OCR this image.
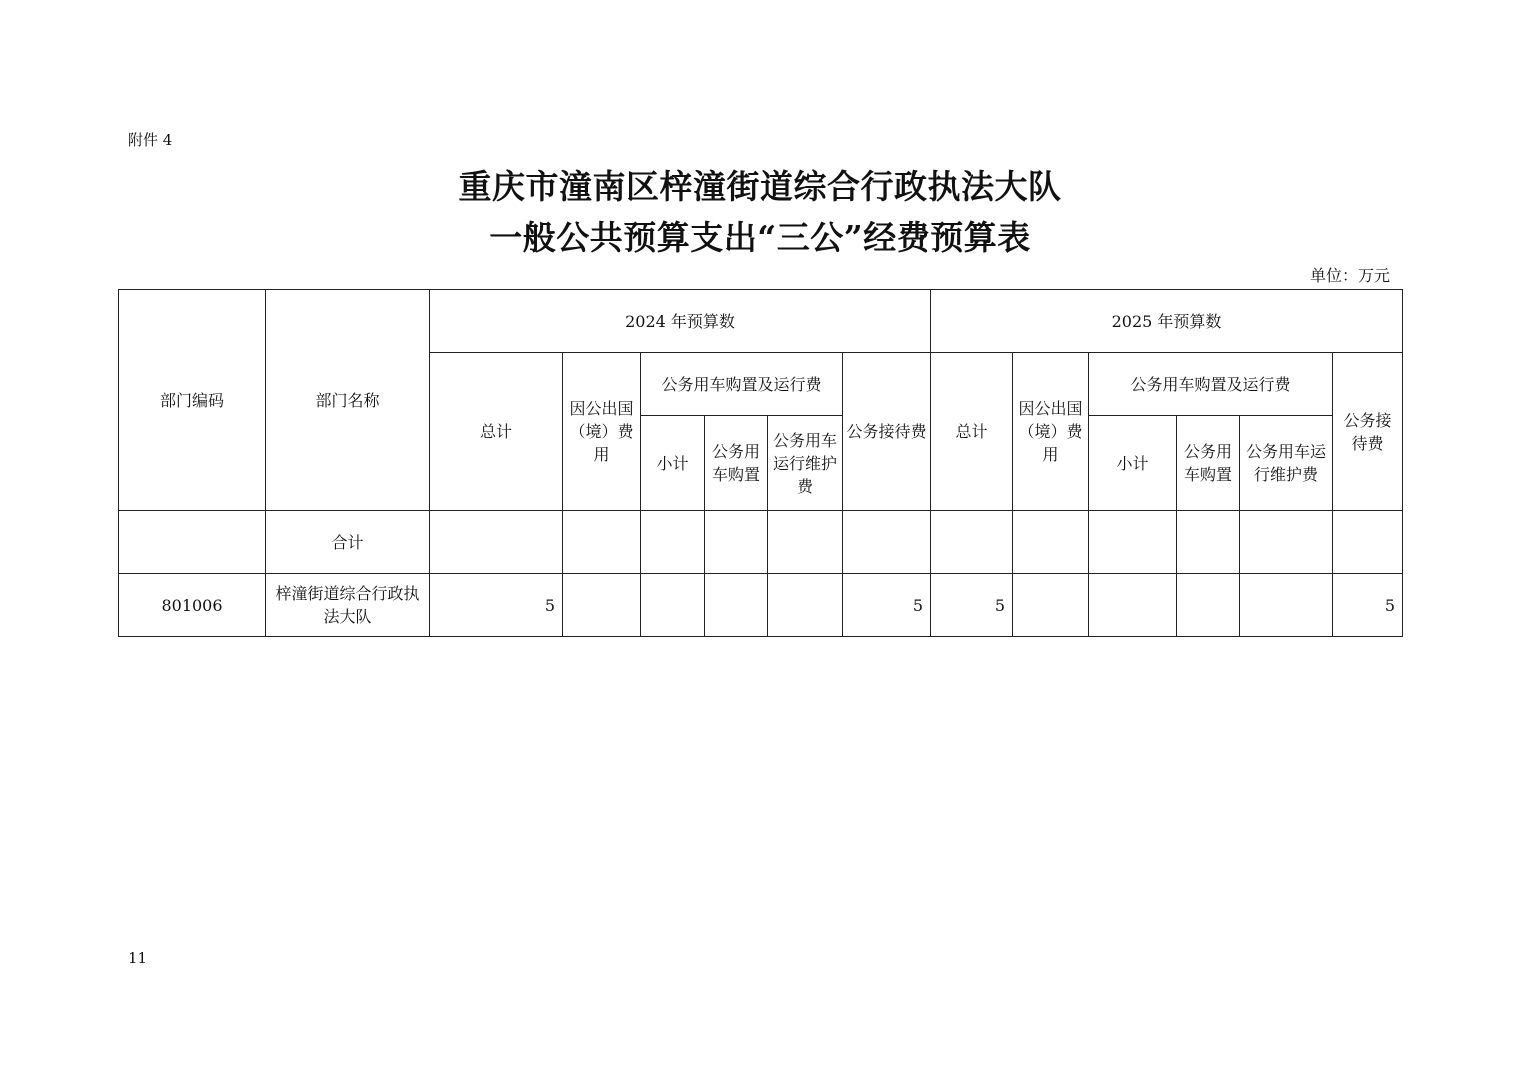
附件 4
重庆市潼南区梓潼街道综合行政执法大队
一般公共预算支出“三公”经费预算表
单位：万元
部门编码	部门名称	2024 年预算数						2025 年预算数					
		总计	因公出国（境）费用	公务用车购置及运行费			公务接待费	总计	因公出国（境）费用	公务用车购置及运行费			公务接待费
				小计	公务用车购置	公务用车运行维护费				小计	公务用车购置	公务用车运行维护费	
	合计												
801006	梓潼街道综合行政执法大队	5					5	5					5
11
